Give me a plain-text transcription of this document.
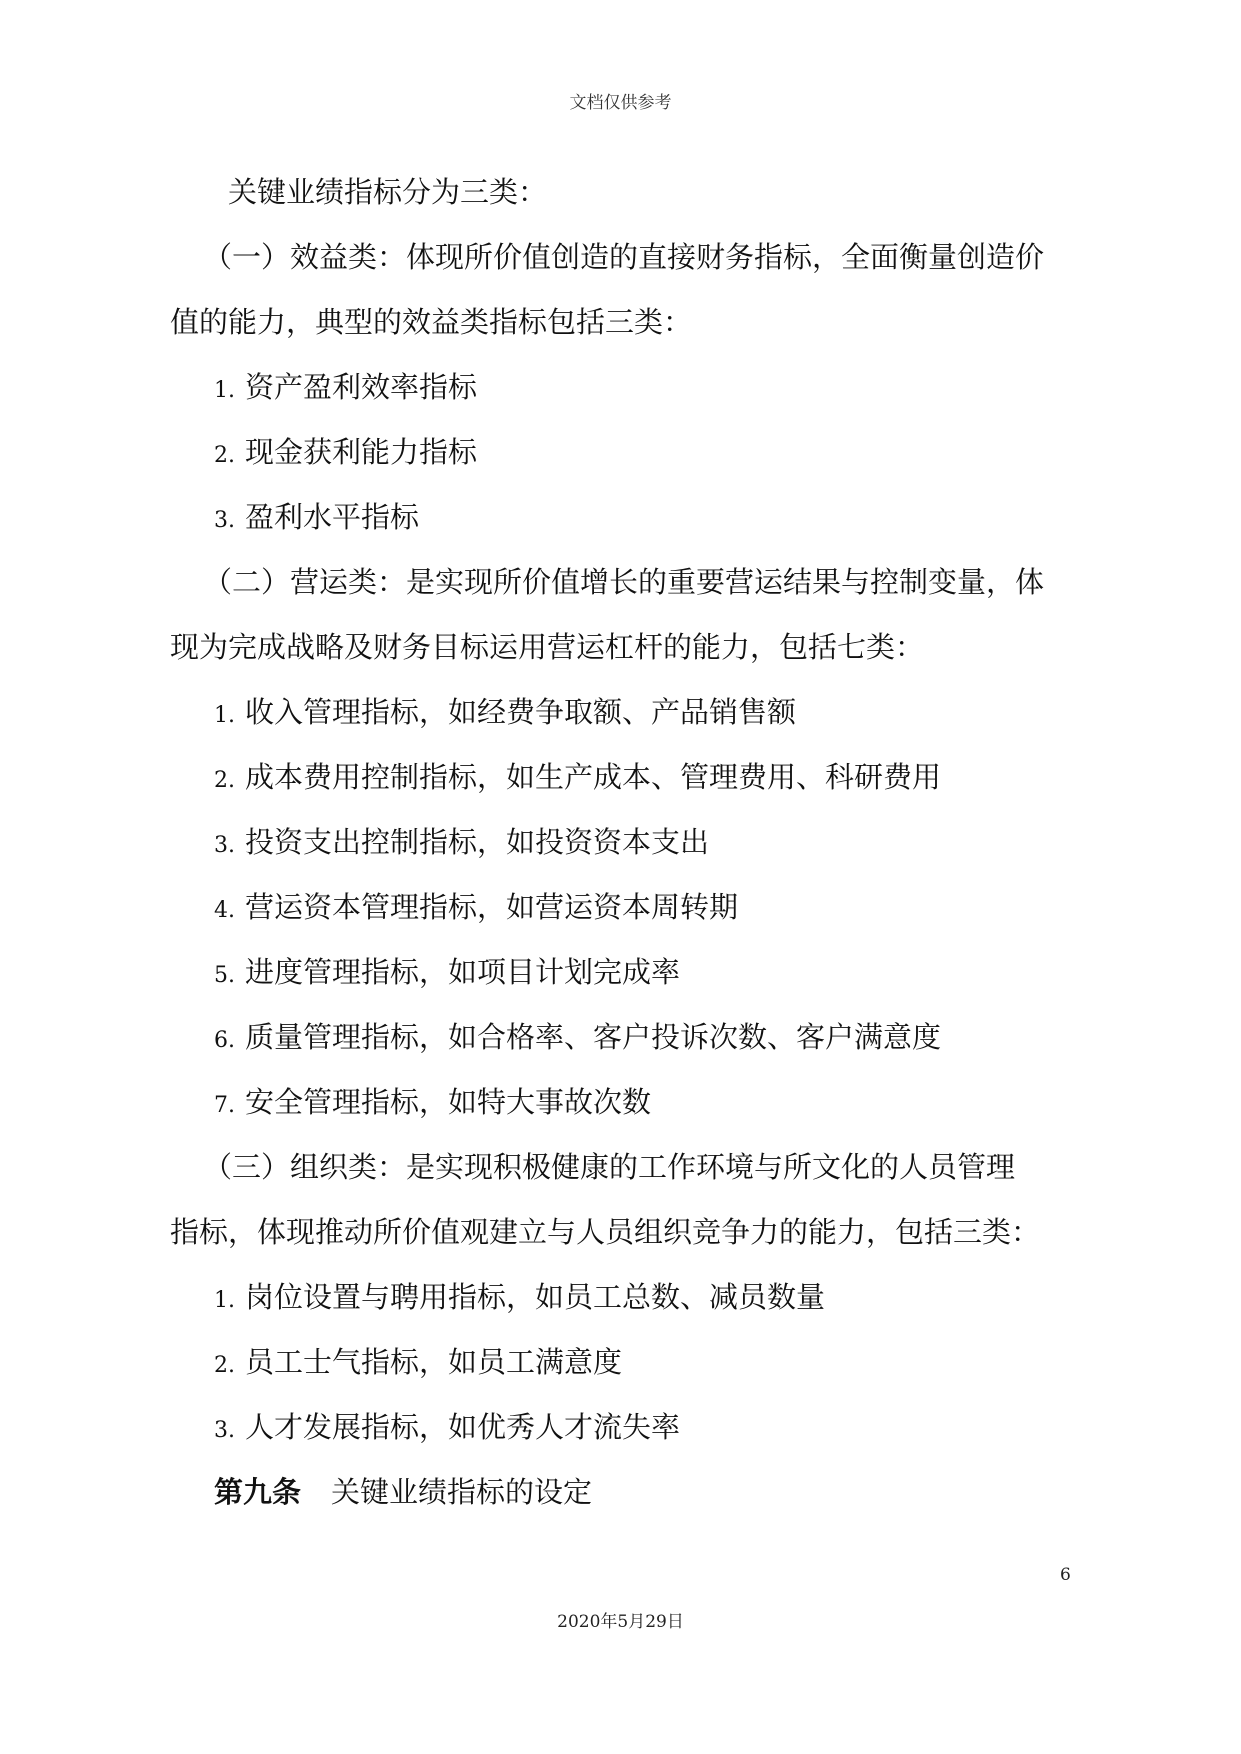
文档仅供参考
关键业绩指标分为三类：
（一）效益类：体现所价值创造的直接财务指标，全面衡量创造价
值的能力，典型的效益类指标包括三类：
1. 资产盈利效率指标
2. 现金获利能力指标
3. 盈利水平指标
（二）营运类：是实现所价值增长的重要营运结果与控制变量，体
现为完成战略及财务目标运用营运杠杆的能力，包括七类：
1. 收入管理指标，如经费争取额、产品销售额
2. 成本费用控制指标，如生产成本、管理费用、科研费用
3. 投资支出控制指标，如投资资本支出
4. 营运资本管理指标，如营运资本周转期
5. 进度管理指标，如项目计划完成率
6. 质量管理指标，如合格率、客户投诉次数、客户满意度
7. 安全管理指标，如特大事故次数
（三）组织类：是实现积极健康的工作环境与所文化的人员管理
指标，体现推动所价值观建立与人员组织竞争力的能力，包括三类：
1. 岗位设置与聘用指标，如员工总数、减员数量
2. 员工士气指标，如员工满意度
3. 人才发展指标，如优秀人才流失率
第九条 关键业绩指标的设定
6
2020年5月29日
